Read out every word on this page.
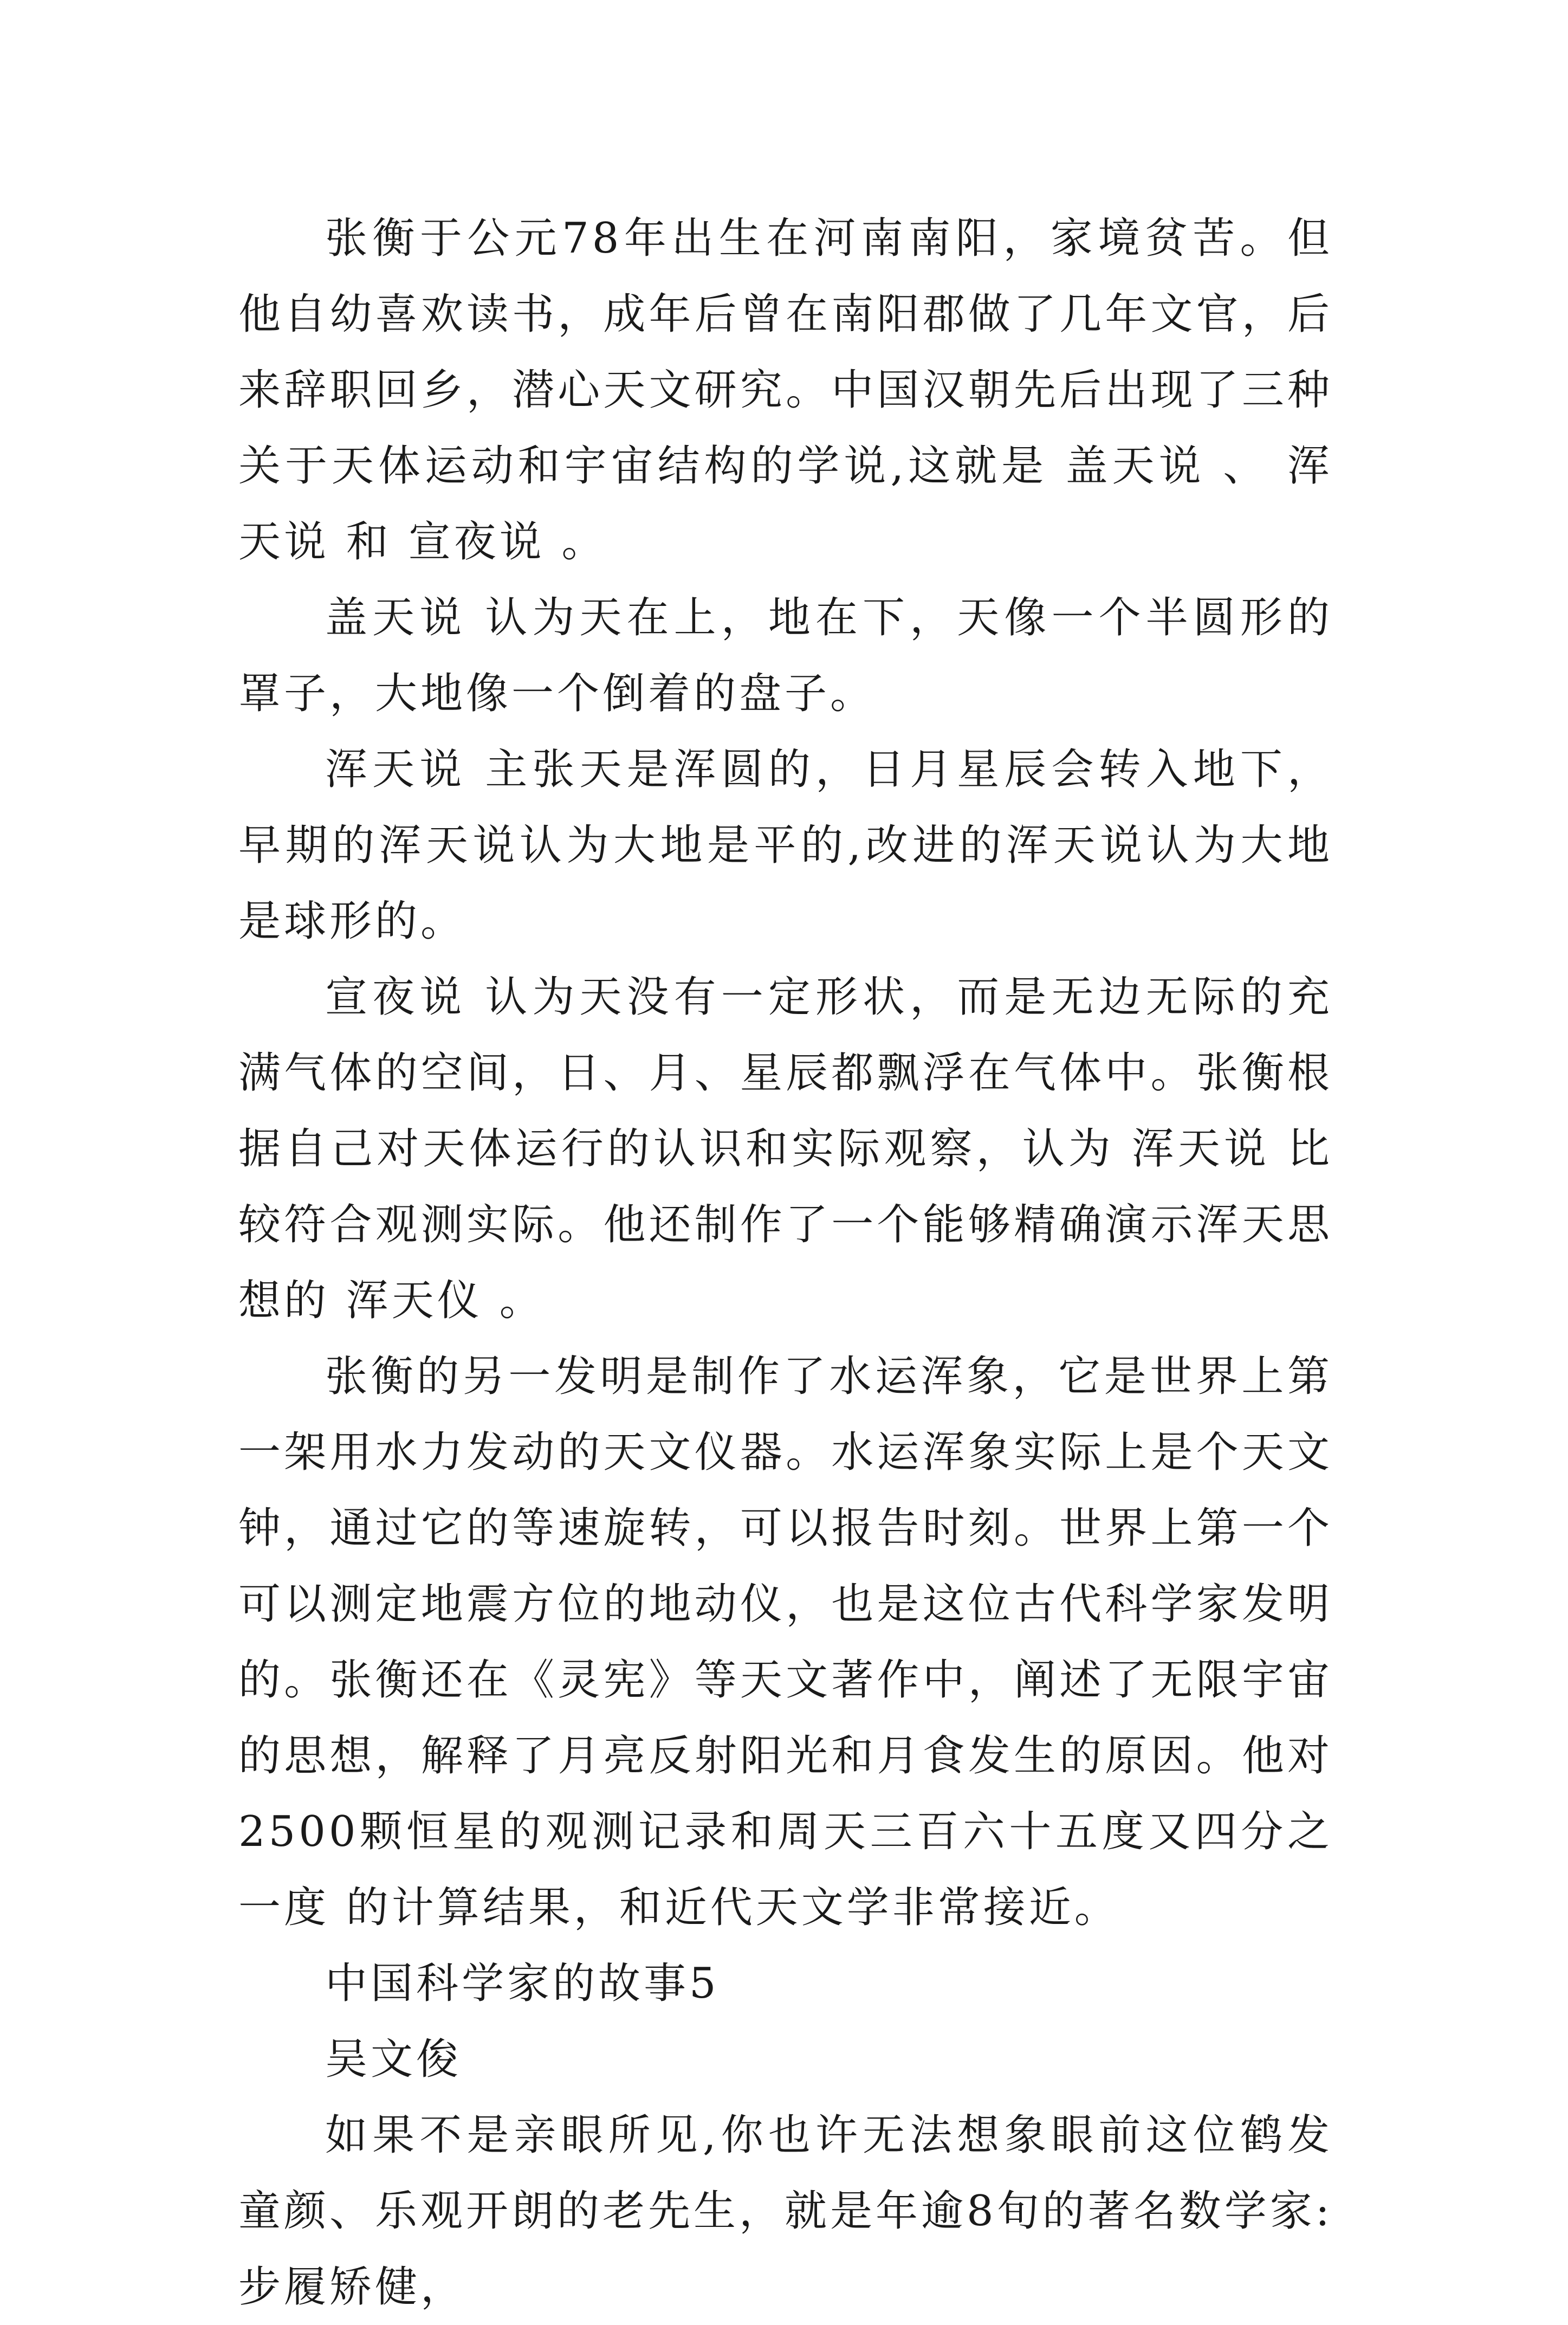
张衡于公元78年出生在河南南阳，家境贫苦。但他自幼喜欢读书，成年后曾在南阳郡做了几年文官，后来辞职回乡，潜心天文研究。中国汉朝先后出现了三种关于天体运动和宇宙结构的学说,这就是 盖天说 、 浑天说 和 宣夜说 。

盖天说 认为天在上，地在下，天像一个半圆形的罩子，大地像一个倒着的盘子。

浑天说 主张天是浑圆的，日月星辰会转入地下，早期的浑天说认为大地是平的,改进的浑天说认为大地是球形的。

宣夜说 认为天没有一定形状，而是无边无际的充满气体的空间，日、月、星辰都飘浮在气体中。张衡根据自己对天体运行的认识和实际观察，认为 浑天说 比较符合观测实际。他还制作了一个能够精确演示浑天思想的 浑天仪 。

张衡的另一发明是制作了水运浑象，它是世界上第一架用水力发动的天文仪器。水运浑象实际上是个天文钟，通过它的等速旋转，可以报告时刻。世界上第一个可以测定地震方位的地动仪，也是这位古代科学家发明的。张衡还在《灵宪》等天文著作中，阐述了无限宇宙的思想，解释了月亮反射阳光和月食发生的原因。他对2500颗恒星的观测记录和周天三百六十五度又四分之一度 的计算结果，和近代天文学非常接近。

中国科学家的故事5

吴文俊

如果不是亲眼所见,你也许无法想象眼前这位鹤发童颜、乐观开朗的老先生，就是年逾8旬的著名数学家:步履矫健，
